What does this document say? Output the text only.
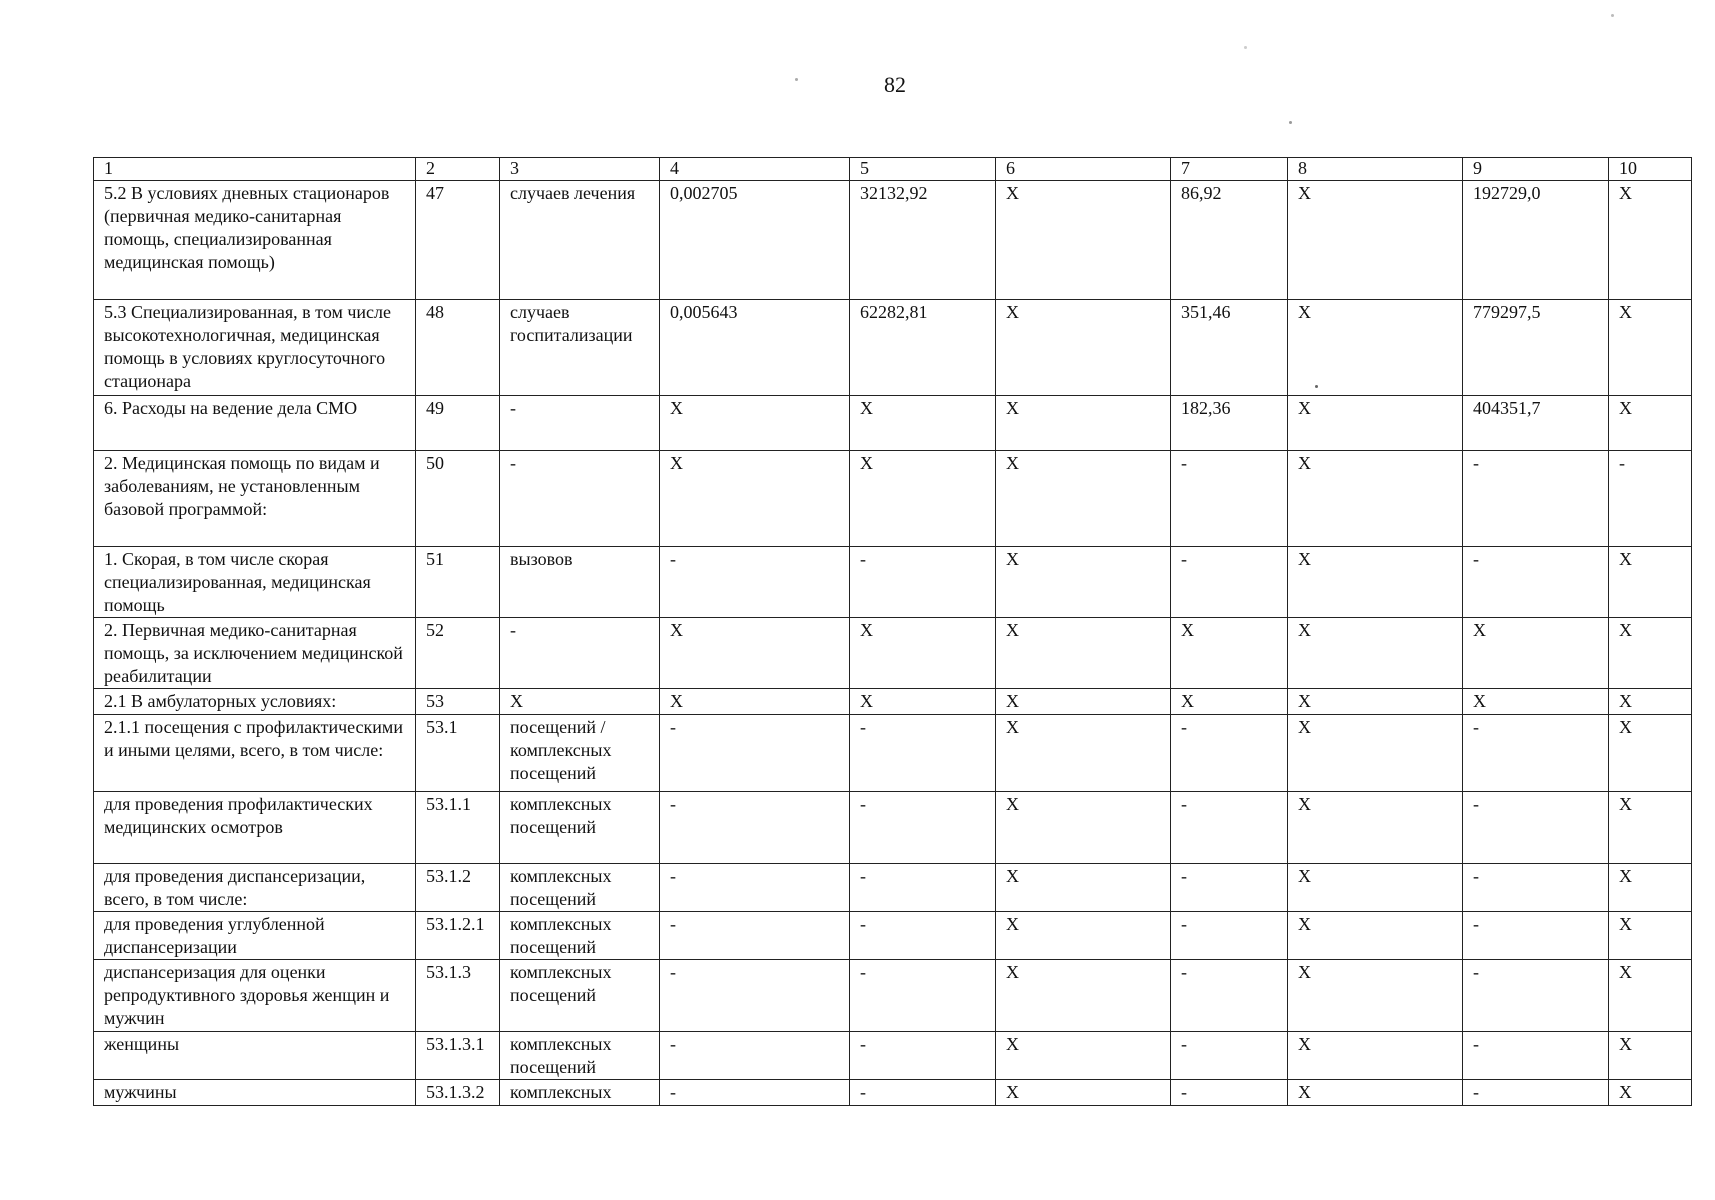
82
1	2	3	4	5	6	7	8	9	10
5.2 В условиях дневных стационаров (первичная медико-санитарная помощь, специализированная медицинская помощь)	47	случаев лечения	0,002705	32132,92	Х	86,92	Х	192729,0	Х
5.3 Специализированная, в том числе высокотехнологичная, медицинская помощь в условиях круглосуточного стационара	48	случаев госпитализации	0,005643	62282,81	Х	351,46	Х	779297,5	Х
6. Расходы на ведение дела СМО	49	-	Х	Х	Х	182,36	Х	404351,7	Х
2. Медицинская помощь по видам и заболеваниям, не установленным базовой программой:	50	-	Х	Х	Х	-	Х	-	-
1. Скорая, в том числе скорая специализированная, медицинская помощь	51	вызовов	-	-	Х	-	Х	-	Х
2. Первичная медико-санитарная помощь, за исключением медицинской реабилитации	52	-	Х	Х	Х	Х	Х	Х	Х
2.1 В амбулаторных условиях:	53	Х	Х	Х	Х	Х	Х	Х	Х
2.1.1 посещения с профилактическими и иными целями, всего, в том числе:	53.1	посещений / комплексных посещений	-	-	Х	-	Х	-	Х
для проведения профилактических медицинских осмотров	53.1.1	комплексных посещений	-	-	Х	-	Х	-	Х
для проведения диспансеризации, всего, в том числе:	53.1.2	комплексных посещений	-	-	Х	-	Х	-	Х
для проведения углубленной диспансеризации	53.1.2.1	комплексных посещений	-	-	Х	-	Х	-	Х
диспансеризация для оценки репродуктивного здоровья женщин и мужчин	53.1.3	комплексных посещений	-	-	Х	-	Х	-	Х
женщины	53.1.3.1	комплексных посещений	-	-	Х	-	Х	-	Х
мужчины	53.1.3.2	комплексных	-	-	Х	-	Х	-	Х
